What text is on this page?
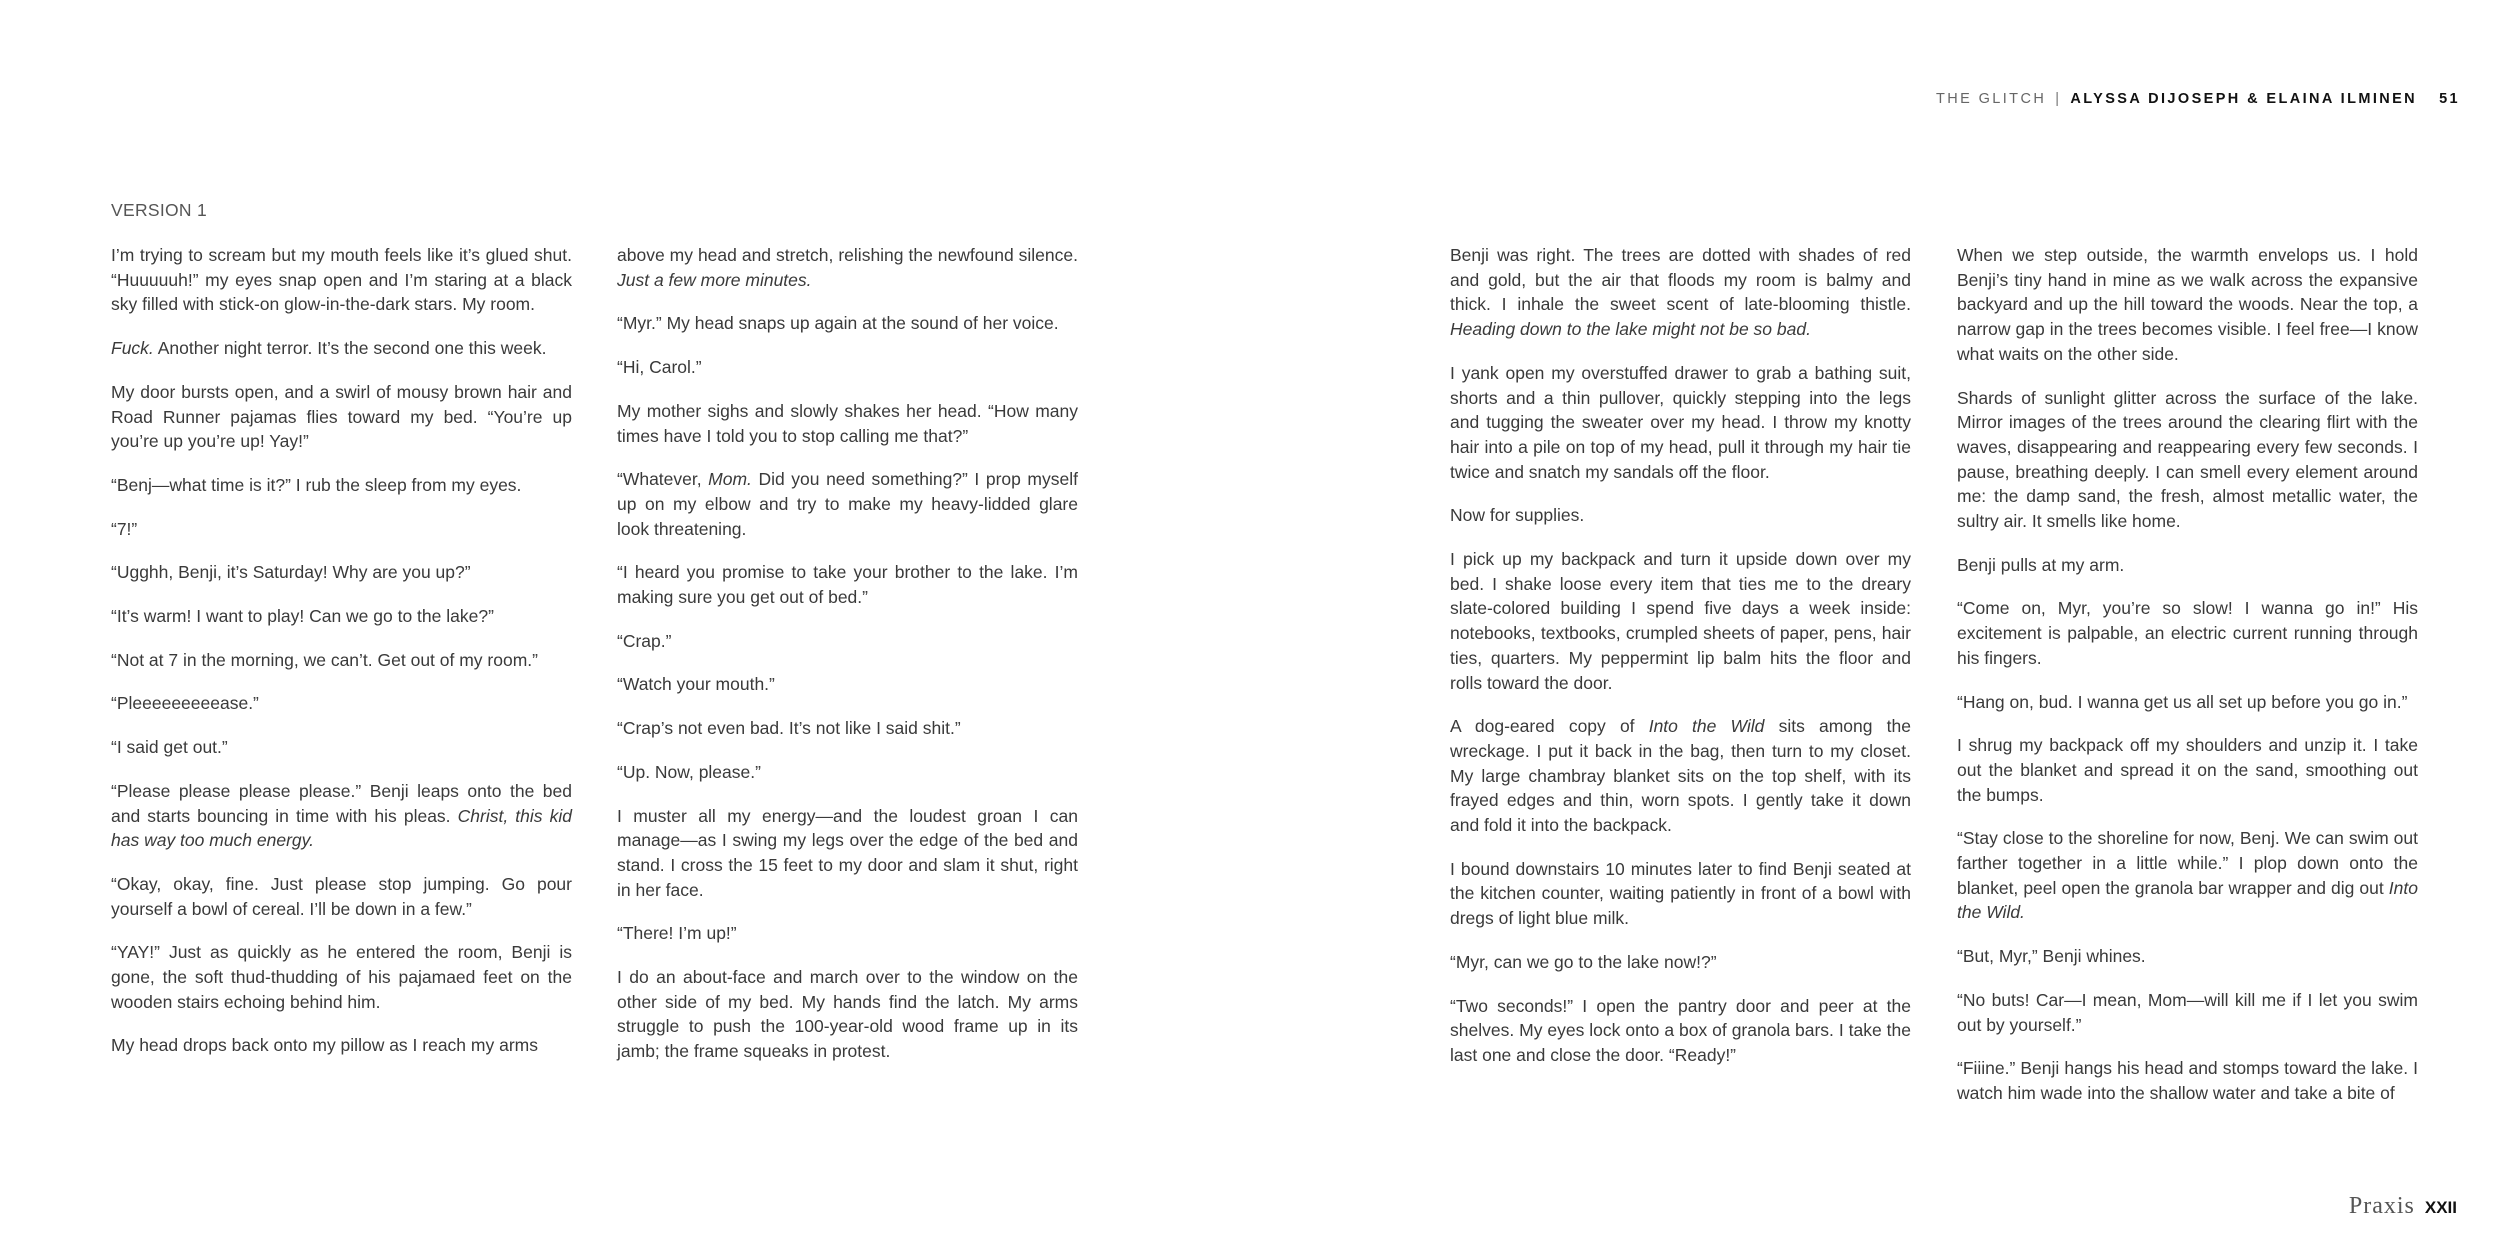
THE GLITCH | ALYSSA DIJOSEPH & ELAINA ILMINEN 51
VERSION 1

I’m trying to scream but my mouth feels like it’s glued shut. “Huuuuuh!” my eyes snap open and I’m staring at a black sky filled with stick-on glow-in-the-dark stars. My room.

Fuck. Another night terror. It’s the second one this week.

My door bursts open, and a swirl of mousy brown hair and Road Runner pajamas flies toward my bed. “You’re up you’re up you’re up! Yay!”

“Benj—what time is it?” I rub the sleep from my eyes.

“7!”

“Ugghh, Benji, it’s Saturday! Why are you up?”

“It’s warm! I want to play! Can we go to the lake?”

“Not at 7 in the morning, we can’t. Get out of my room.”

“Pleeeeeeeeease.”

“I said get out.”

“Please please please please.” Benji leaps onto the bed and starts bouncing in time with his pleas. Christ, this kid has way too much energy.

“Okay, okay, fine. Just please stop jumping. Go pour yourself a bowl of cereal. I’ll be down in a few.”

“YAY!” Just as quickly as he entered the room, Benji is gone, the soft thud-thudding of his pajamaed feet on the wooden stairs echoing behind him.

My head drops back onto my pillow as I reach my arms

above my head and stretch, relishing the newfound silence. Just a few more minutes.

“Myr.” My head snaps up again at the sound of her voice.

“Hi, Carol.”

My mother sighs and slowly shakes her head. “How many times have I told you to stop calling me that?”

“Whatever, Mom. Did you need something?” I prop myself up on my elbow and try to make my heavy-lidded glare look threatening.

“I heard you promise to take your brother to the lake. I’m making sure you get out of bed.”

“Crap.”

“Watch your mouth.”

“Crap’s not even bad. It’s not like I said shit.”

“Up. Now, please.”

I muster all my energy—and the loudest groan I can manage—as I swing my legs over the edge of the bed and stand. I cross the 15 feet to my door and slam it shut, right in her face.

“There! I’m up!”

I do an about-face and march over to the window on the other side of my bed. My hands find the latch. My arms struggle to push the 100-year-old wood frame up in its jamb; the frame squeaks in protest.

Benji was right. The trees are dotted with shades of red and gold, but the air that floods my room is balmy and thick. I inhale the sweet scent of late-blooming thistle. Heading down to the lake might not be so bad.

I yank open my overstuffed drawer to grab a bathing suit, shorts and a thin pullover, quickly stepping into the legs and tugging the sweater over my head. I throw my knotty hair into a pile on top of my head, pull it through my hair tie twice and snatch my sandals off the floor.

Now for supplies.

I pick up my backpack and turn it upside down over my bed. I shake loose every item that ties me to the dreary slate-colored building I spend five days a week inside: notebooks, textbooks, crumpled sheets of paper, pens, hair ties, quarters. My peppermint lip balm hits the floor and rolls toward the door.

A dog-eared copy of Into the Wild sits among the wreckage. I put it back in the bag, then turn to my closet. My large chambray blanket sits on the top shelf, with its frayed edges and thin, worn spots. I gently take it down and fold it into the backpack.

I bound downstairs 10 minutes later to find Benji seated at the kitchen counter, waiting patiently in front of a bowl with dregs of light blue milk.

“Myr, can we go to the lake now!?”

“Two seconds!” I open the pantry door and peer at the shelves. My eyes lock onto a box of granola bars. I take the last one and close the door. “Ready!”

When we step outside, the warmth envelops us. I hold Benji’s tiny hand in mine as we walk across the expansive backyard and up the hill toward the woods. Near the top, a narrow gap in the trees becomes visible. I feel free—I know what waits on the other side.

Shards of sunlight glitter across the surface of the lake. Mirror images of the trees around the clearing flirt with the waves, disappearing and reappearing every few seconds. I pause, breathing deeply. I can smell every element around me: the damp sand, the fresh, almost metallic water, the sultry air. It smells like home.

Benji pulls at my arm.

“Come on, Myr, you’re so slow! I wanna go in!” His excitement is palpable, an electric current running through his fingers.

“Hang on, bud. I wanna get us all set up before you go in.”

I shrug my backpack off my shoulders and unzip it. I take out the blanket and spread it on the sand, smoothing out the bumps.

“Stay close to the shoreline for now, Benj. We can swim out farther together in a little while.” I plop down onto the blanket, peel open the granola bar wrapper and dig out Into the Wild.

“But, Myr,” Benji whines.

“No buts! Car—I mean, Mom—will kill me if I let you swim out by yourself.”

“Fiiine.” Benji hangs his head and stomps toward the lake. I watch him wade into the shallow water and take a bite of

Praxis XXII
